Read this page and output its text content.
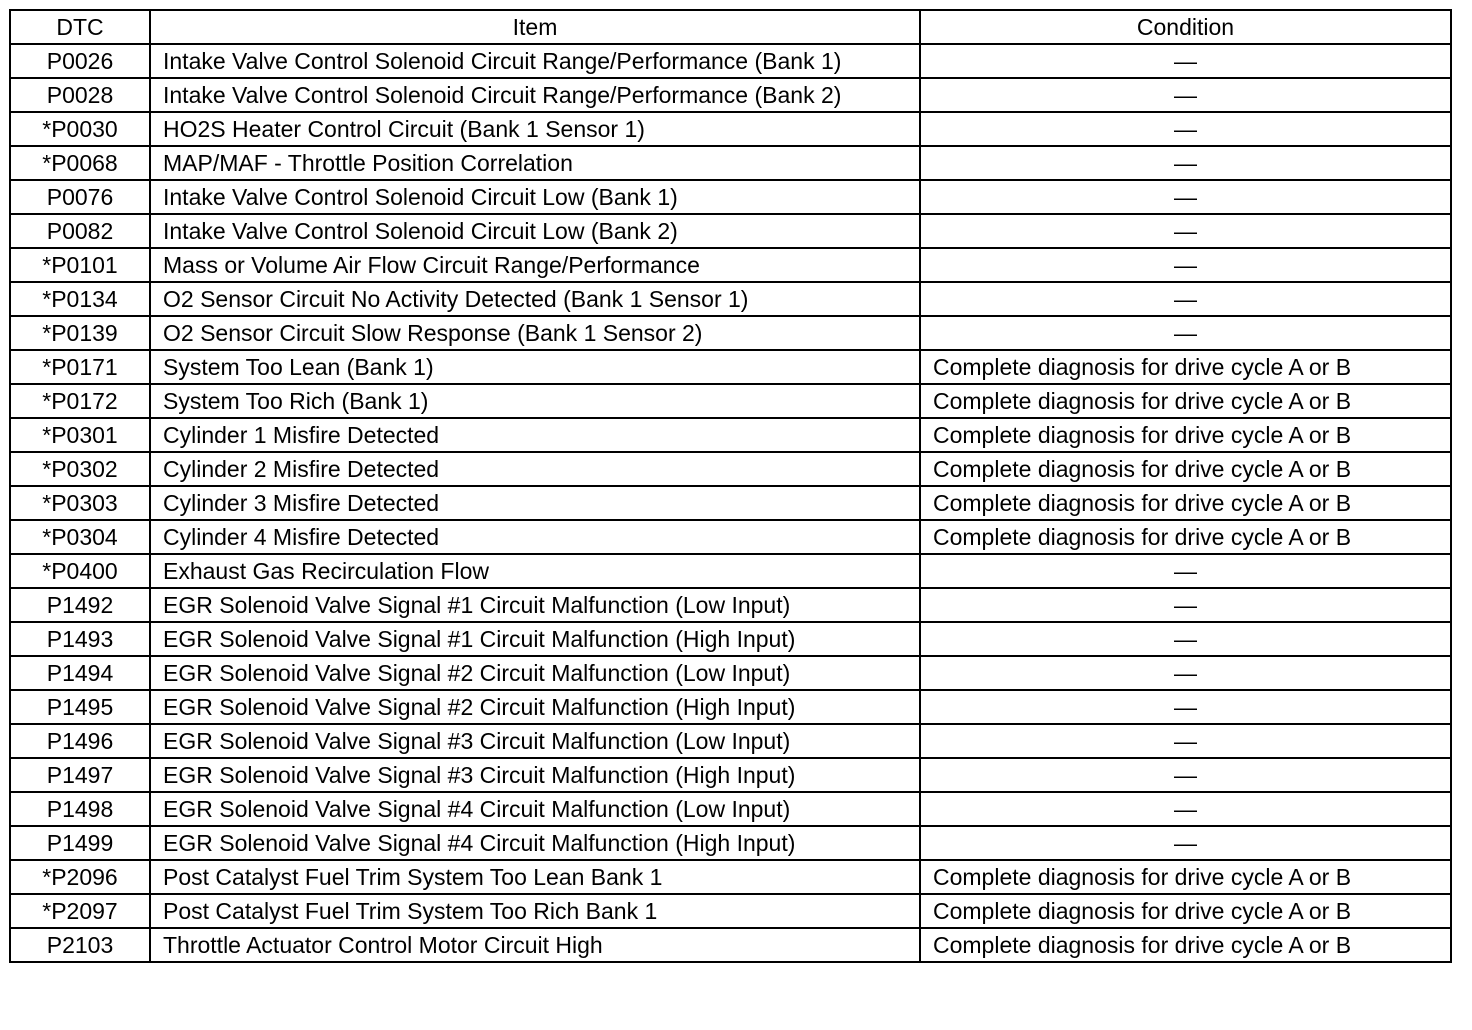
DTC	Item	Condition
P0026	Intake Valve Control Solenoid Circuit Range/Performance (Bank 1)	—
P0028	Intake Valve Control Solenoid Circuit Range/Performance (Bank 2)	—
*P0030	HO2S Heater Control Circuit (Bank 1 Sensor 1)	—
*P0068	MAP/MAF - Throttle Position Correlation	—
P0076	Intake Valve Control Solenoid Circuit Low (Bank 1)	—
P0082	Intake Valve Control Solenoid Circuit Low (Bank 2)	—
*P0101	Mass or Volume Air Flow Circuit Range/Performance	—
*P0134	O2 Sensor Circuit No Activity Detected (Bank 1 Sensor 1)	—
*P0139	O2 Sensor Circuit Slow Response (Bank 1 Sensor 2)	—
*P0171	System Too Lean (Bank 1)	Complete diagnosis for drive cycle A or B
*P0172	System Too Rich (Bank 1)	Complete diagnosis for drive cycle A or B
*P0301	Cylinder 1 Misfire Detected	Complete diagnosis for drive cycle A or B
*P0302	Cylinder 2 Misfire Detected	Complete diagnosis for drive cycle A or B
*P0303	Cylinder 3 Misfire Detected	Complete diagnosis for drive cycle A or B
*P0304	Cylinder 4 Misfire Detected	Complete diagnosis for drive cycle A or B
*P0400	Exhaust Gas Recirculation Flow	—
P1492	EGR Solenoid Valve Signal #1 Circuit Malfunction (Low Input)	—
P1493	EGR Solenoid Valve Signal #1 Circuit Malfunction (High Input)	—
P1494	EGR Solenoid Valve Signal #2 Circuit Malfunction (Low Input)	—
P1495	EGR Solenoid Valve Signal #2 Circuit Malfunction (High Input)	—
P1496	EGR Solenoid Valve Signal #3 Circuit Malfunction (Low Input)	—
P1497	EGR Solenoid Valve Signal #3 Circuit Malfunction (High Input)	—
P1498	EGR Solenoid Valve Signal #4 Circuit Malfunction (Low Input)	—
P1499	EGR Solenoid Valve Signal #4 Circuit Malfunction (High Input)	—
*P2096	Post Catalyst Fuel Trim System Too Lean Bank 1	Complete diagnosis for drive cycle A or B
*P2097	Post Catalyst Fuel Trim System Too Rich Bank 1	Complete diagnosis for drive cycle A or B
P2103	Throttle Actuator Control Motor Circuit High	Complete diagnosis for drive cycle A or B
